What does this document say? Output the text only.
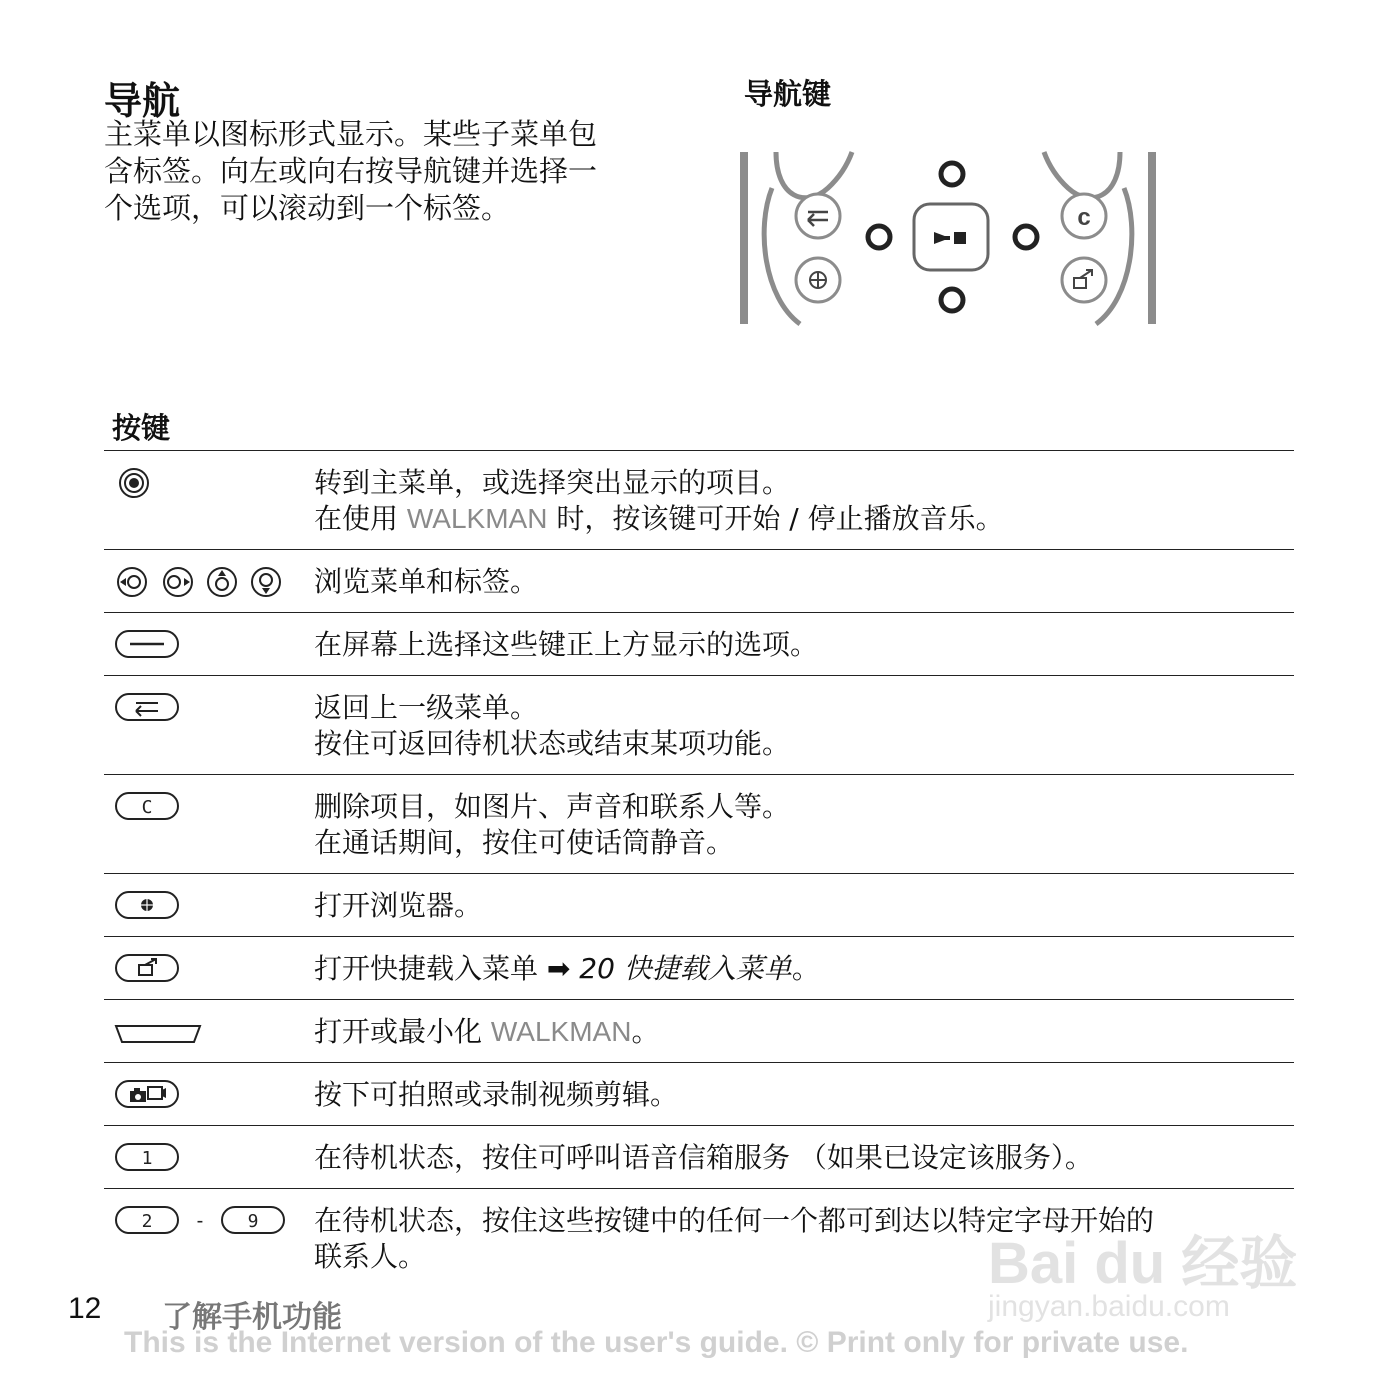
导航
主菜单以图标形式显示。某些子菜单包
含标签。向左或向右按导航键并选择一
个选项，可以滚动到一个标签。
导航键
c
按键
转到主菜单，或选择突出显示的项目。
在使用 WALKMAN 时，按该键可开始 / 停止播放音乐。
浏览菜单和标签。
在屏幕上选择这些键正上方显示的选项。
返回上一级菜单。
按住可返回待机状态或结束某项功能。
C	删除项目，如图片、声音和联系人等。
在通话期间，按住可使话筒静音。
打开浏览器。
打开快捷载入菜单 ➡ 20 快捷载入菜单。
打开或最小化 WALKMAN。
按下可拍照或录制视频剪辑。
1	在待机状态，按住可呼叫语音信箱服务 （如果已设定该服务）。
2 - 9 在待机状态，按住这些按键中的任何一个都可到达以特定字母开始的
联系人。
12 了解手机功能
This is the Internet version of the user's guide. © Print only for private use.
Bai du 经验
jingyan.baidu.com
